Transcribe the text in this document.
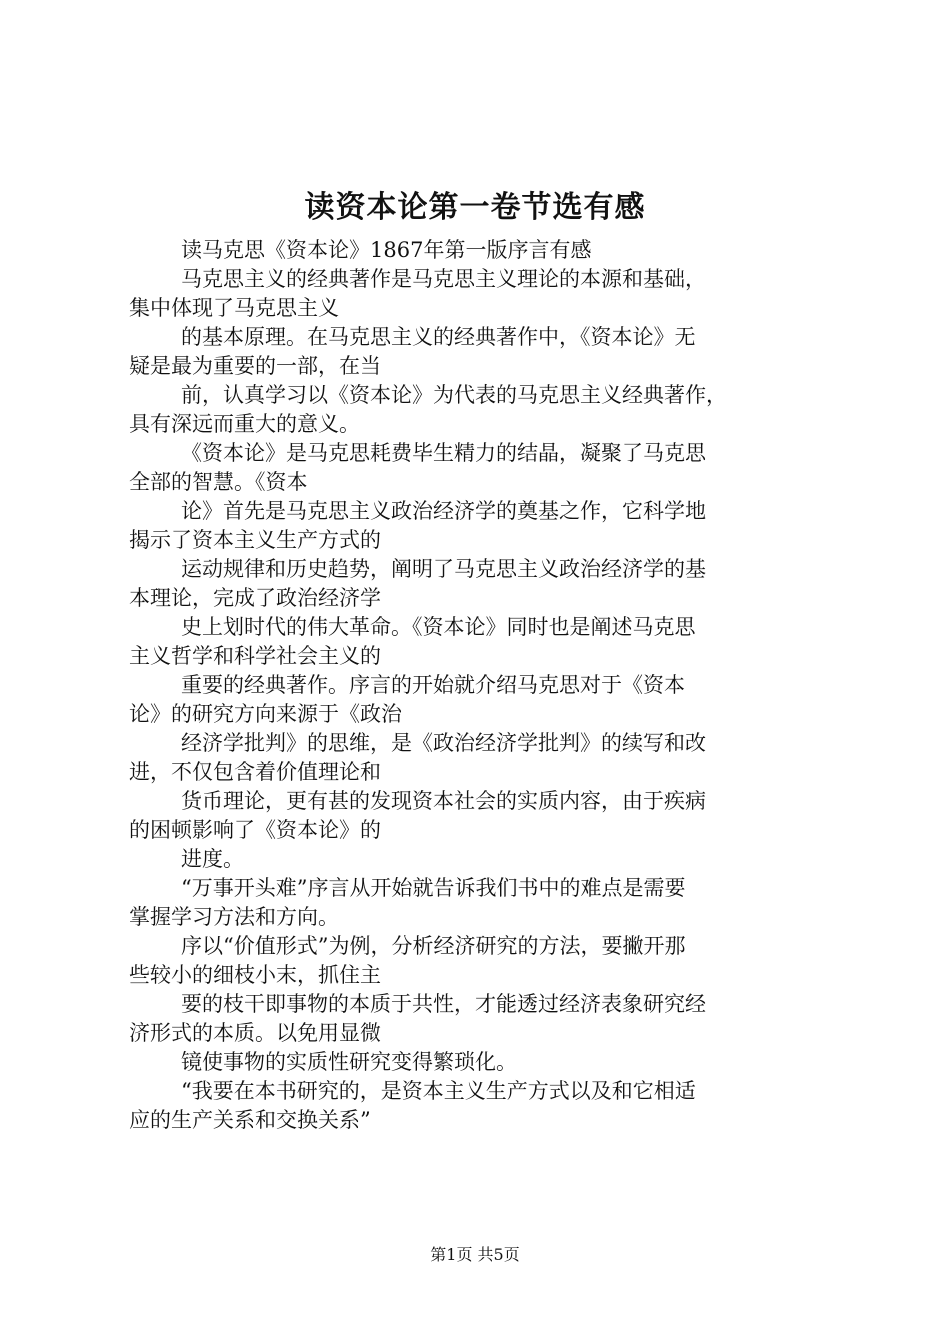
读资本论第一卷节选有感
读马克思《资本论》1867年第一版序言有感
马克思主义的经典著作是马克思主义理论的本源和基础，
集中体现了马克思主义
的基本原理。在马克思主义的经典著作中，《资本论》无
疑是最为重要的一部，在当
前，认真学习以《资本论》为代表的马克思主义经典著作，
具有深远而重大的意义。
《资本论》是马克思耗费毕生精力的结晶，凝聚了马克思
全部的智慧。《资本
论》首先是马克思主义政治经济学的奠基之作，它科学地
揭示了资本主义生产方式的
运动规律和历史趋势，阐明了马克思主义政治经济学的基
本理论，完成了政治经济学
史上划时代的伟大革命。《资本论》同时也是阐述马克思
主义哲学和科学社会主义的
重要的经典著作。序言的开始就介绍马克思对于《资本
论》的研究方向来源于《政治
经济学批判》的思维，是《政治经济学批判》的续写和改
进，不仅包含着价值理论和
货币理论，更有甚的发现资本社会的实质内容，由于疾病
的困顿影响了《资本论》的
进度。
“万事开头难”序言从开始就告诉我们书中的难点是需要
掌握学习方法和方向。
序以“价值形式”为例，分析经济研究的方法，要撇开那
些较小的细枝小末，抓住主
要的枝干即事物的本质于共性，才能透过经济表象研究经
济形式的本质。以免用显微
镜使事物的实质性研究变得繁琐化。
“我要在本书研究的，是资本主义生产方式以及和它相适
应的生产关系和交换关系”
第1页 共5页
